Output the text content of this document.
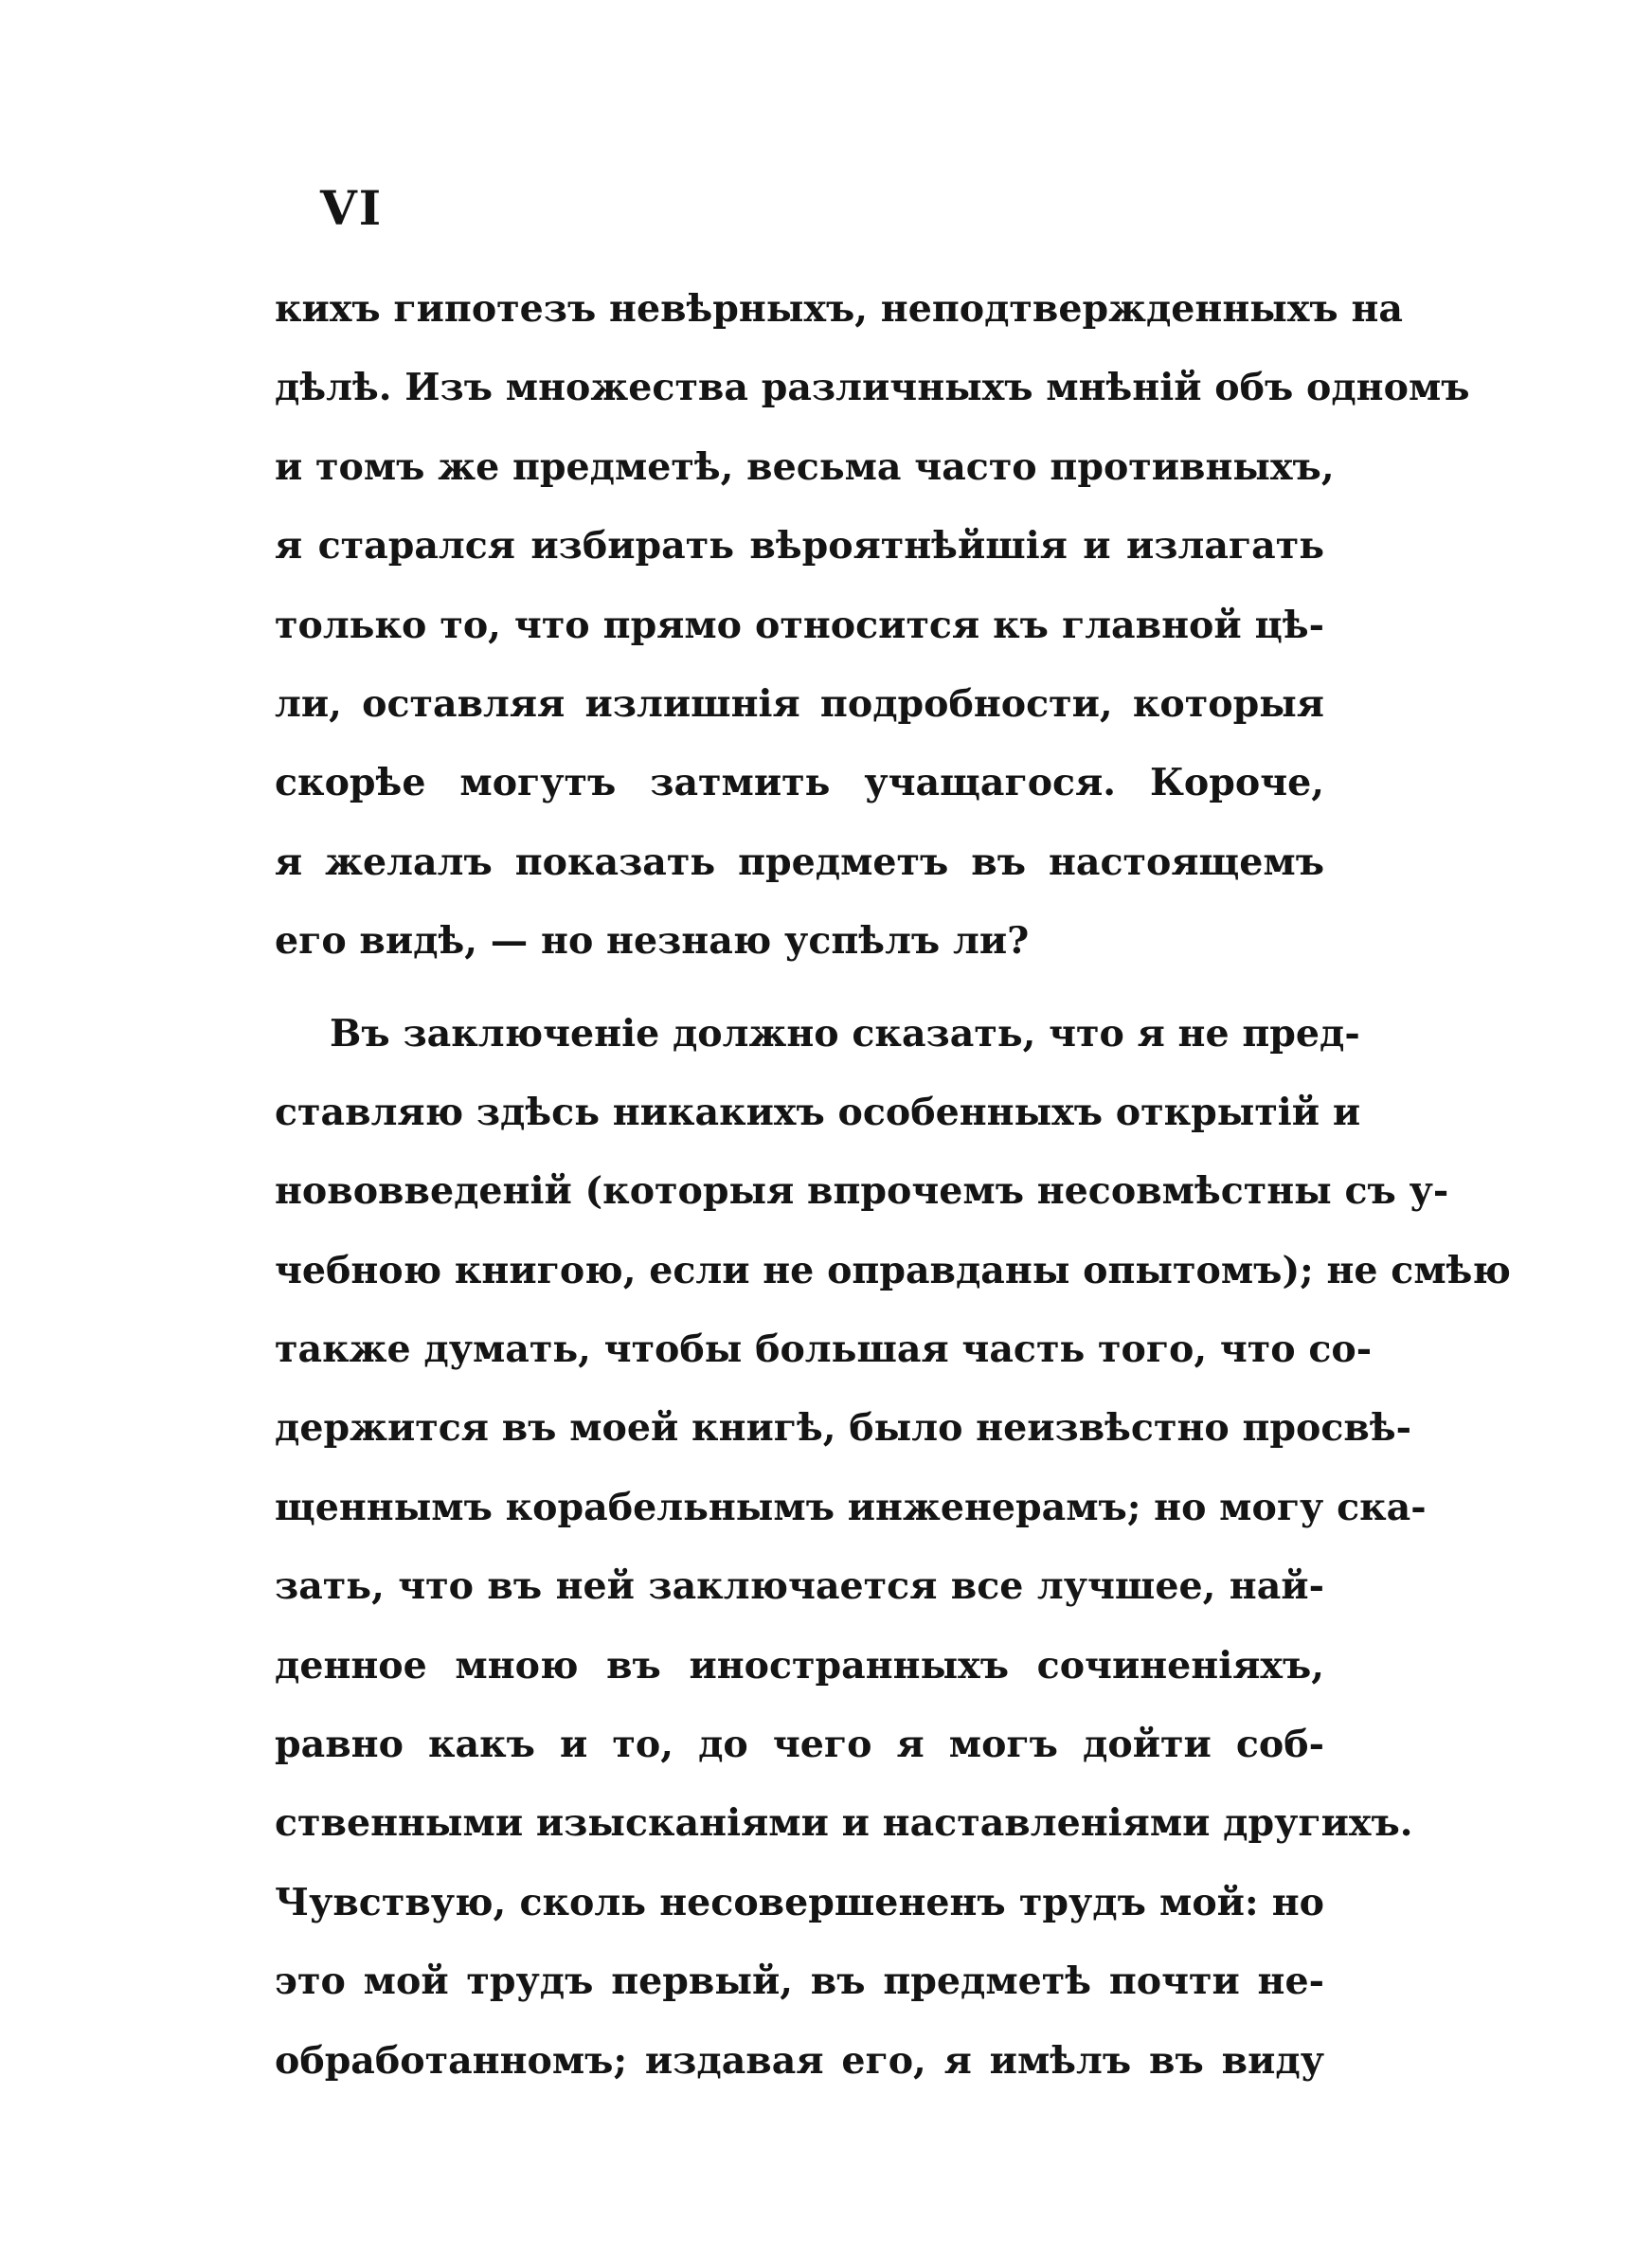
VI
кихъ гипотезъ невѣрныхъ, неподтвержденныхъ на
дѣлѣ. Изъ множества различныхъ мнѣній объ одномъ
и томъ же предметѣ, весьма часто противныхъ,
я старался избирать вѣроятнѣйшія и излагать
только то, что прямо относится къ главной цѣ-
ли, оставляя излишнія подробности, которыя
скорѣе могутъ затмить учащагося. Короче,
я желалъ показать предметъ въ настоящемъ
его видѣ, — но незнаю успѣлъ ли?
Въ заключеніе должно сказать, что я не пред-
ставляю здѣсь никакихъ особенныхъ открытій и
нововведеній (которыя впрочемъ несовмѣстны съ у-
чебною книгою, если не оправданы опытомъ); не смѣю
также думать, чтобы большая часть того, что со-
держится въ моей книгѣ, было неизвѣстно просвѣ-
щеннымъ корабельнымъ инженерамъ; но могу ска-
зать, что въ ней заключается все лучшее, най-
денное мною въ иностранныхъ сочиненіяхъ,
равно какъ и то, до чего я могъ дойти соб-
ственными изысканіями и наставленіями другихъ.
Чувствую, сколь несовершенeнъ трудъ мой: но
это мой трудъ первый, въ предметѣ почти не-
обработанномъ; издавая его, я имѣлъ въ виду
